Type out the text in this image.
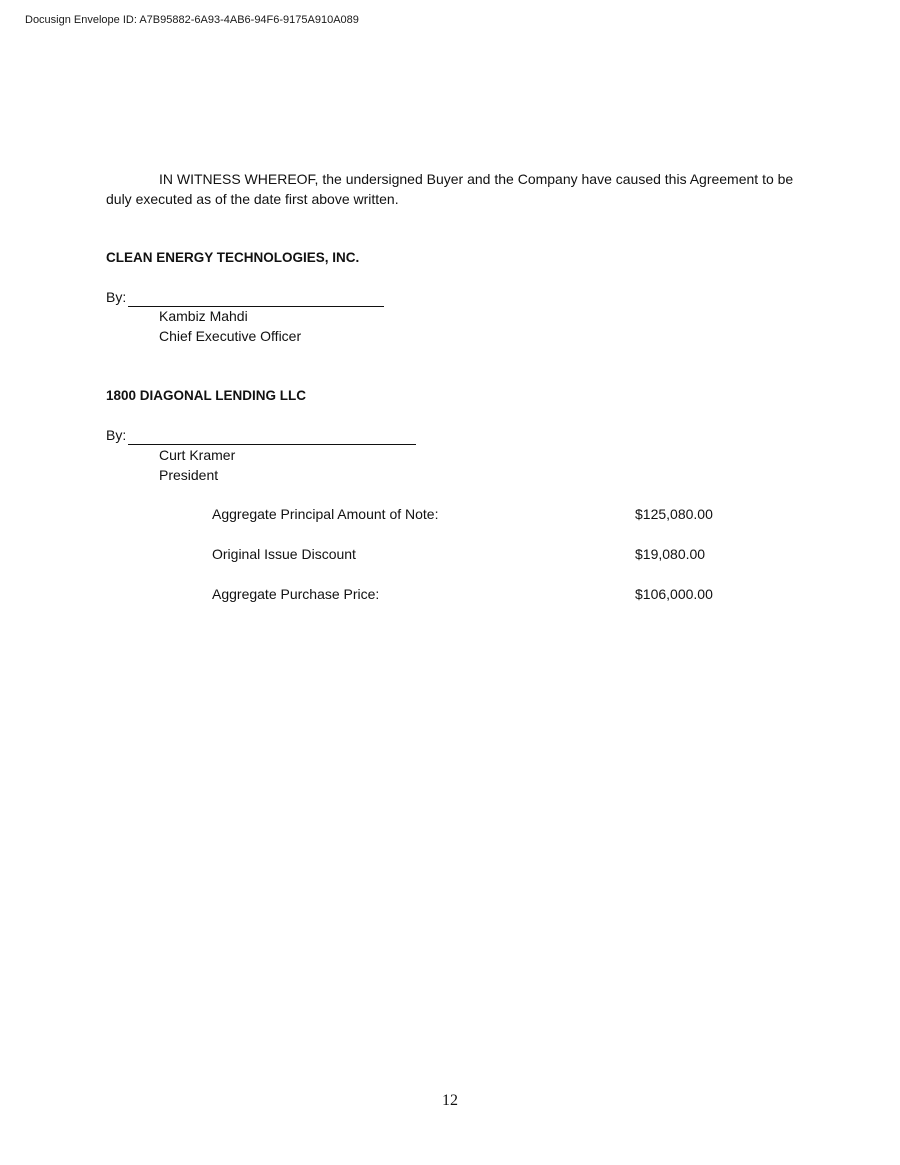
Docusign Envelope ID: A7B95882-6A93-4AB6-94F6-9175A910A089
IN WITNESS WHEREOF, the undersigned Buyer and the Company have caused this Agreement to be duly executed as of the date first above written.
CLEAN ENERGY TECHNOLOGIES, INC.
By:
Kambiz Mahdi
Chief Executive Officer
1800 DIAGONAL LENDING LLC
By:
Curt Kramer
President
Aggregate Principal Amount of Note:	$125,080.00
Original Issue Discount	$19,080.00
Aggregate Purchase Price:	$106,000.00
12
